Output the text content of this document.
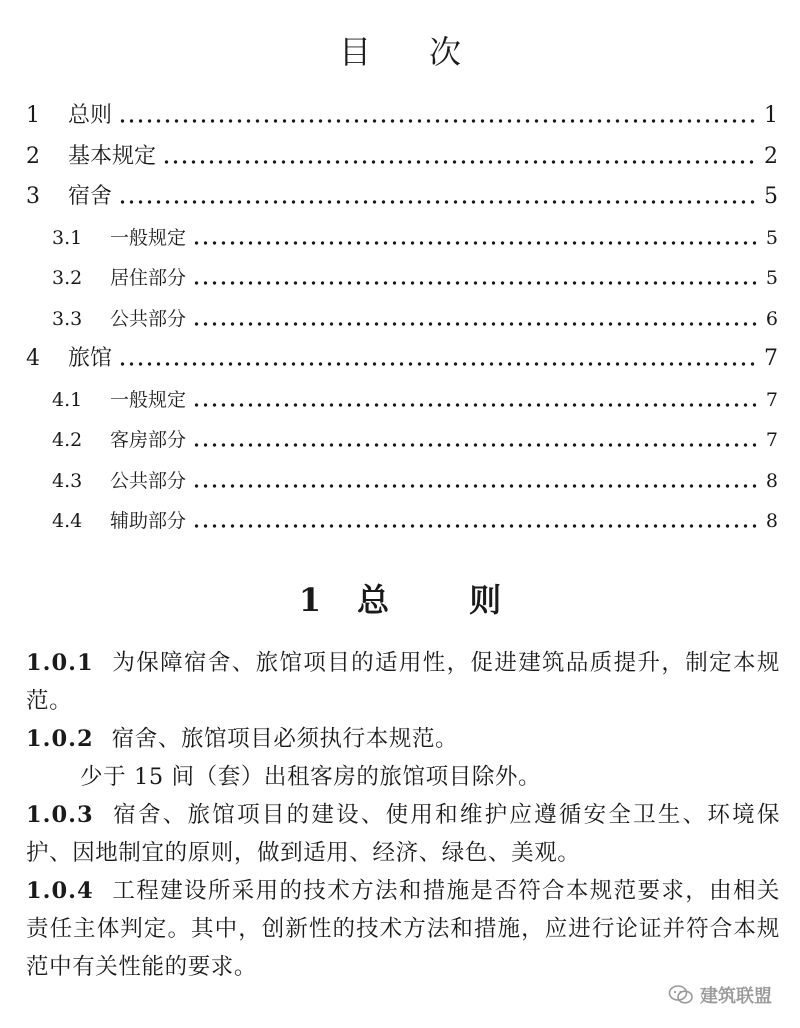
目次
1	总则	1
2	基本规定	2
3	宿舍	5
3.1	一般规定	5
3.2	居住部分	5
3.3	公共部分	6
4	旅馆	7
4.1	一般规定	7
4.2	客房部分	7
4.3	公共部分	8
4.4	辅助部分	8
1 总	则

1.0.1 为保障宿舍、旅馆项目的适用性，促进建筑品质提升，制定本规范。

1.0.2 宿舍、旅馆项目必须执行本规范。

少于 15 间（套）出租客房的旅馆项目除外。

1.0.3 宿舍、旅馆项目的建设、使用和维护应遵循安全卫生、环境保护、因地制宜的原则，做到适用、经济、绿色、美观。

1.0.4 工程建设所采用的技术方法和措施是否符合本规范要求，由相关责任主体判定。其中，创新性的技术方法和措施，应进行论证并符合本规范中有关性能的要求。

建筑联盟
